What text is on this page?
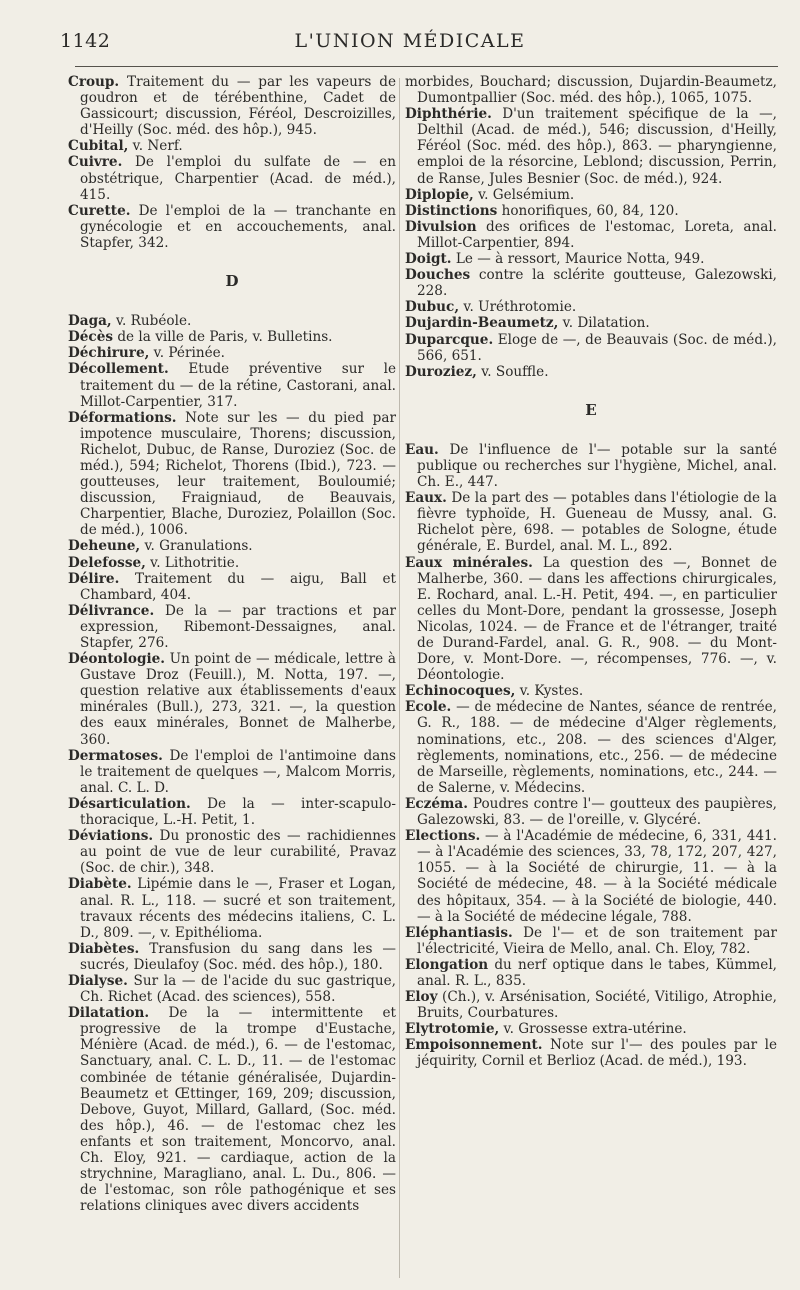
1142	L'UNION MÉDICALE

Croup. Traitement du — par les vapeurs de goudron et de térébenthine, Cadet de Gassicourt; discussion, Féréol, Descroizilles, d'Heilly (Soc. méd. des hôp.), 945.

Cubital, v. Nerf.

Cuivre. De l'emploi du sulfate de — en obstétrique, Charpentier (Acad. de méd.), 415.

Curette. De l'emploi de la — tranchante en gynécologie et en accouchements, anal. Stapfer, 342.

D

Daga, v. Rubéole.

Décès de la ville de Paris, v. Bulletins.

Déchirure, v. Périnée.

Décollement. Etude préventive sur le traitement du — de la rétine, Castorani, anal. Millot-Carpentier, 317.

Déformations. Note sur les — du pied par impotence musculaire, Thorens; discussion, Richelot, Dubuc, de Ranse, Duroziez (Soc. de méd.), 594; Richelot, Thorens (Ibid.), 723. — goutteuses, leur traitement, Bouloumié; discussion, Fraigniaud, de Beauvais, Charpentier, Blache, Duroziez, Polaillon (Soc. de méd.), 1006.

Deheune, v. Granulations.

Delefosse, v. Lithotritie.

Délire. Traitement du — aigu, Ball et Chambard, 404.

Délivrance. De la — par tractions et par expression, Ribemont-Dessaignes, anal. Stapfer, 276.

Déontologie. Un point de — médicale, lettre à Gustave Droz (Feuill.), M. Notta, 197. —, question relative aux établissements d'eaux minérales (Bull.), 273, 321. —, la question des eaux minérales, Bonnet de Malherbe, 360.

Dermatoses. De l'emploi de l'antimoine dans le traitement de quelques —, Malcom Morris, anal. C. L. D.

Désarticulation. De la — inter-scapulo-thoracique, L.-H. Petit, 1.

Déviations. Du pronostic des — rachidiennes au point de vue de leur curabilité, Pravaz (Soc. de chir.), 348.

Diabète. Lipémie dans le —, Fraser et Logan, anal. R. L., 118. — sucré et son traitement, travaux récents des médecins italiens, C. L. D., 809. —, v. Epithélioma.

Diabètes. Transfusion du sang dans les — sucrés, Dieulafoy (Soc. méd. des hôp.), 180.

Dialyse. Sur la — de l'acide du suc gastrique, Ch. Richet (Acad. des sciences), 558.

Dilatation. De la — intermittente et progressive de la trompe d'Eustache, Ménière (Acad. de méd.), 6. — de l'estomac, Sanctuary, anal. C. L. D., 11. — de l'estomac combinée de tétanie généralisée, Dujardin-Beaumetz et Œttinger, 169, 209; discussion, Debove, Guyot, Millard, Gallard, (Soc. méd. des hôp.), 46. — de l'estomac chez les enfants et son traitement, Moncorvo, anal. Ch. Eloy, 921. — cardiaque, action de la strychnine, Maragliano, anal. L. Du., 806. — de l'estomac, son rôle pathogénique et ses relations cliniques avec divers accidents

morbides, Bouchard; discussion, Dujardin-Beaumetz, Dumontpallier (Soc. méd. des hôp.), 1065, 1075.

Diphthérie. D'un traitement spécifique de la —, Delthil (Acad. de méd.), 546; discussion, d'Heilly, Féréol (Soc. méd. des hôp.), 863. — pharyngienne, emploi de la résorcine, Leblond; discussion, Perrin, de Ranse, Jules Besnier (Soc. de méd.), 924.

Diplopie, v. Gelsémium.

Distinctions honorifiques, 60, 84, 120.

Divulsion des orifices de l'estomac, Loreta, anal. Millot-Carpentier, 894.

Doigt. Le — à ressort, Maurice Notta, 949.

Douches contre la sclérite goutteuse, Galezowski, 228.

Dubuc, v. Uréthrotomie.

Dujardin-Beaumetz, v. Dilatation.

Duparcque. Eloge de —, de Beauvais (Soc. de méd.), 566, 651.

Duroziez, v. Souffle.

E

Eau. De l'influence de l'— potable sur la santé publique ou recherches sur l'hygiène, Michel, anal. Ch. E., 447.

Eaux. De la part des — potables dans l'étiologie de la fièvre typhoïde, H. Gueneau de Mussy, anal. G. Richelot père, 698. — potables de Sologne, étude générale, E. Burdel, anal. M. L., 892.

Eaux minérales. La question des —, Bonnet de Malherbe, 360. — dans les affections chirurgicales, E. Rochard, anal. L.-H. Petit, 494. —, en particulier celles du Mont-Dore, pendant la grossesse, Joseph Nicolas, 1024. — de France et de l'étranger, traité de Durand-Fardel, anal. G. R., 908. — du Mont-Dore, v. Mont-Dore. —, récompenses, 776. —, v. Déontologie.

Echinocoques, v. Kystes.

Ecole. — de médecine de Nantes, séance de rentrée, G. R., 188. — de médecine d'Alger règlements, nominations, etc., 208. — des sciences d'Alger, règlements, nominations, etc., 256. — de médecine de Marseille, règlements, nominations, etc., 244. — de Salerne, v. Médecins.

Eczéma. Poudres contre l'— goutteux des paupières, Galezowski, 83. — de l'oreille, v. Glycéré.

Elections. — à l'Académie de médecine, 6, 331, 441. — à l'Académie des sciences, 33, 78, 172, 207, 427, 1055. — à la Société de chirurgie, 11. — à la Société de médecine, 48. — à la Société médicale des hôpitaux, 354. — à la Société de biologie, 440. — à la Société de médecine légale, 788.

Eléphantiasis. De l'— et de son traitement par l'électricité, Vieira de Mello, anal. Ch. Eloy, 782.

Elongation du nerf optique dans le tabes, Kümmel, anal. R. L., 835.

Eloy (Ch.), v. Arsénisation, Société, Vitiligo, Atrophie, Bruits, Courbatures.

Elytrotomie, v. Grossesse extra-utérine.

Empoisonnement. Note sur l'— des poules par le jéquirity, Cornil et Berlioz (Acad. de méd.), 193.
